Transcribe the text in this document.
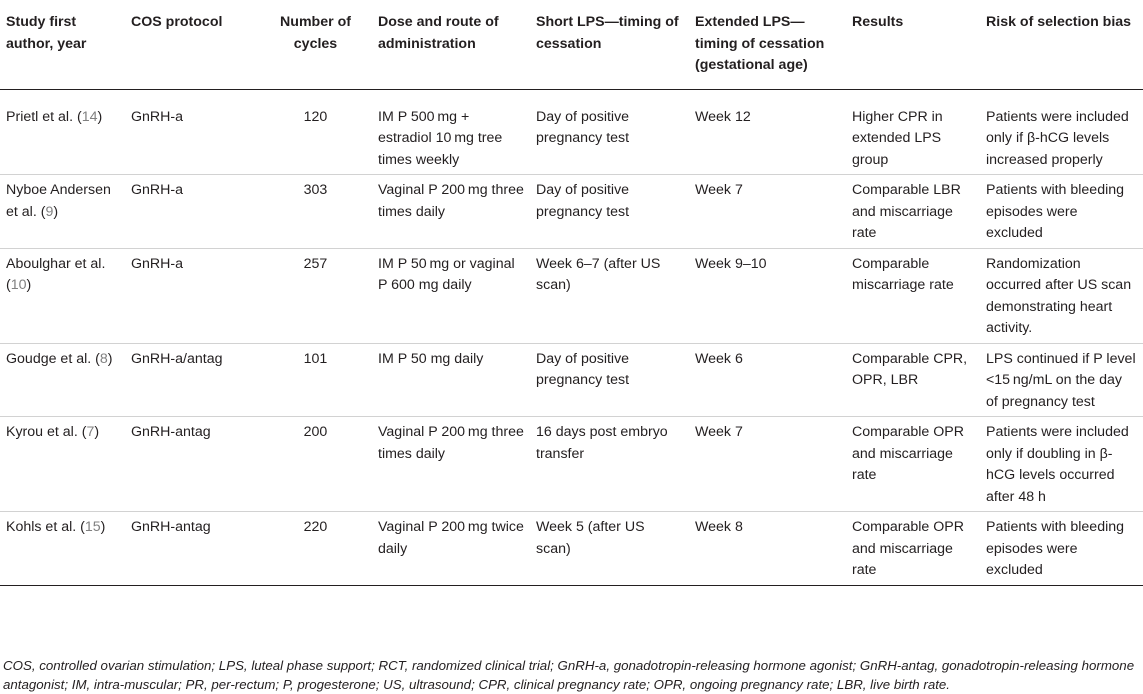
Study first author, year	COS protocol	Number of cycles	Dose and route of administration	Short LPS—timing of cessation	Extended LPS—timing of cessation (gestational age)	Results	Risk of selection bias
Prietl et al. (14)	GnRH-a	120	IM P 500 mg + estradiol 10 mg tree times weekly	Day of positive pregnancy test	Week 12	Higher CPR in extended LPS group	Patients were included only if β-hCG levels increased properly
Nyboe Andersen et al. (9)	GnRH-a	303	Vaginal P 200 mg three times daily	Day of positive pregnancy test	Week 7	Comparable LBR and miscarriage rate	Patients with bleeding episodes were excluded
Aboulghar et al. (10)	GnRH-a	257	IM P 50 mg or vaginal P 600 mg daily	Week 6–7 (after US scan)	Week 9–10	Comparable miscarriage rate	Randomization occurred after US scan demonstrating heart activity.
Goudge et al. (8)	GnRH-a/antag	101	IM P 50 mg daily	Day of positive pregnancy test	Week 6	Comparable CPR, OPR, LBR	LPS continued if P level <15 ng/mL on the day of pregnancy test
Kyrou et al. (7)	GnRH-antag	200	Vaginal P 200 mg three times daily	16 days post embryo transfer	Week 7	Comparable OPR and miscarriage rate	Patients were included only if doubling in β-hCG levels occurred after 48 h
Kohls et al. (15)	GnRH-antag	220	Vaginal P 200 mg twice daily	Week 5 (after US scan)	Week 8	Comparable OPR and miscarriage rate	Patients with bleeding episodes were excluded
COS, controlled ovarian stimulation; LPS, luteal phase support; RCT, randomized clinical trial; GnRH-a, gonadotropin-releasing hormone agonist; GnRH-antag, gonadotropin-releasing hormone antagonist; IM, intra-muscular; PR, per-rectum; P, progesterone; US, ultrasound; CPR, clinical pregnancy rate; OPR, ongoing pregnancy rate; LBR, live birth rate.
